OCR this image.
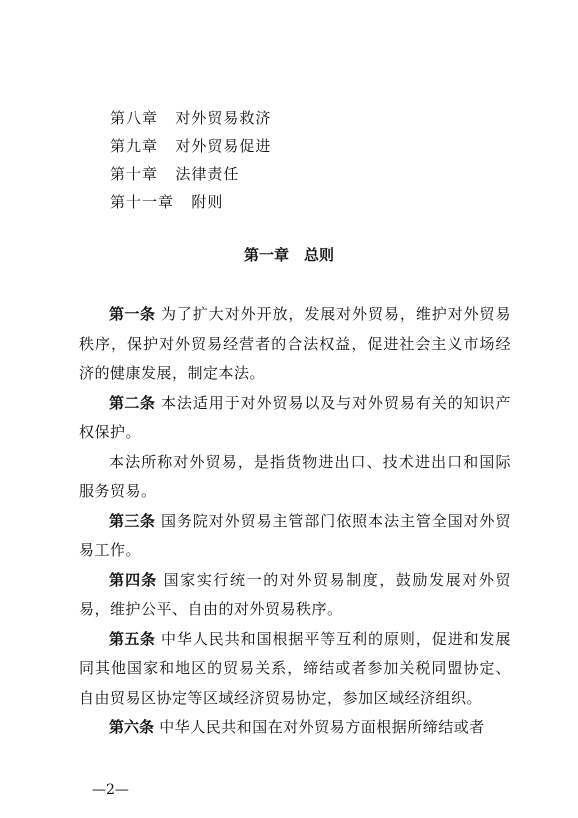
第八章 对外贸易救济
第九章 对外贸易促进
第十章 法律责任
第十一章 附则
第一章　总则

第一条 为了扩大对外开放，发展对外贸易，维护对外贸易秩序，保护对外贸易经营者的合法权益，促进社会主义市场经济的健康发展，制定本法。

第二条 本法适用于对外贸易以及与对外贸易有关的知识产权保护。

本法所称对外贸易，是指货物进出口、技术进出口和国际服务贸易。

第三条 国务院对外贸易主管部门依照本法主管全国对外贸易工作。

第四条 国家实行统一的对外贸易制度，鼓励发展对外贸易，维护公平、自由的对外贸易秩序。

第五条 中华人民共和国根据平等互利的原则，促进和发展同其他国家和地区的贸易关系，缔结或者参加关税同盟协定、自由贸易区协定等区域经济贸易协定，参加区域经济组织。

第六条 中华人民共和国在对外贸易方面根据所缔结或者

—2—
